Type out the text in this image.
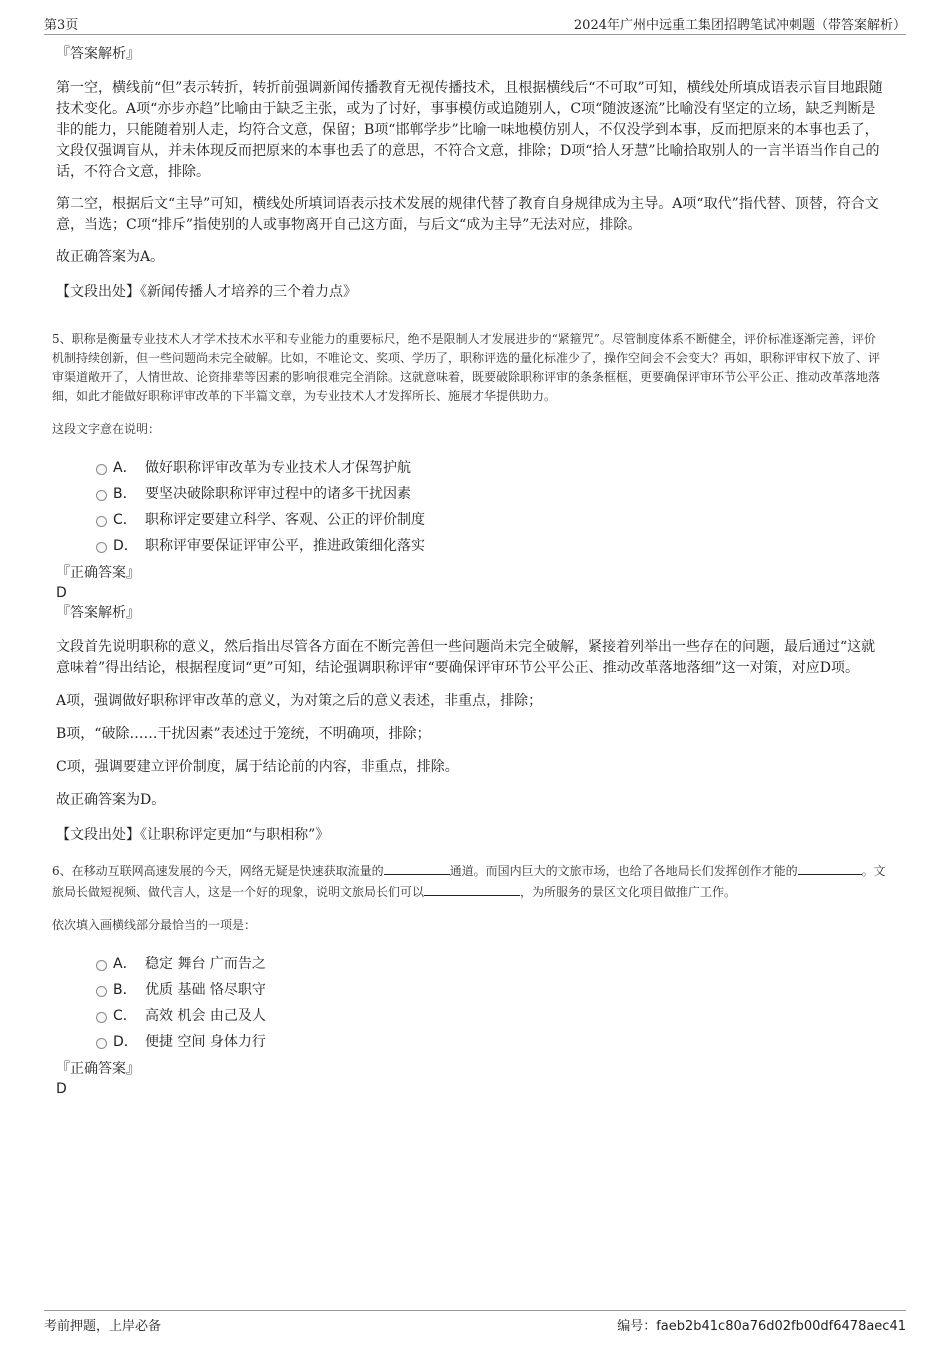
第3页	2024年广州中远重工集团招聘笔试冲刺题（带答案解析）
『答案解析』

第一空，横线前“但”表示转折，转折前强调新闻传播教育无视传播技术，且根据横线后“不可取”可知，横线处所填成语表示盲目地跟随技术变化。A项“亦步亦趋”比喻由于缺乏主张，或为了讨好，事事模仿或追随别人，C项“随波逐流”比喻没有坚定的立场，缺乏判断是非的能力，只能随着别人走，均符合文意，保留；B项“邯郸学步”比喻一味地模仿别人，不仅没学到本事，反而把原来的本事也丢了，文段仅强调盲从，并未体现反而把原来的本事也丢了的意思，不符合文意，排除；D项“拾人牙慧”比喻拾取别人的一言半语当作自己的话，不符合文意，排除。

第二空，根据后文“主导”可知，横线处所填词语表示技术发展的规律代替了教育自身规律成为主导。A项“取代”指代替、顶替，符合文意，当选；C项“排斥”指使别的人或事物离开自己这方面，与后文“成为主导”无法对应，排除。

故正确答案为A。

【文段出处】《新闻传播人才培养的三个着力点》

5、职称是衡量专业技术人才学术技术水平和专业能力的重要标尺，绝不是限制人才发展进步的“紧箍咒”。尽管制度体系不断健全，评价标准逐渐完善，评价机制持续创新，但一些问题尚未完全破解。比如，不唯论文、奖项、学历了，职称评选的量化标准少了，操作空间会不会变大？再如，职称评审权下放了、评审渠道敞开了，人情世故、论资排辈等因素的影响很难完全消除。这就意味着，既要破除职称评审的条条框框，更要确保评审环节公平公正、推动改革落地落细，如此才能做好职称评审改革的下半篇文章，为专业技术人才发挥所长、施展才华提供助力。

这段文字意在说明：

A． 做好职称评审改革为专业技术人才保驾护航
B． 要坚决破除职称评审过程中的诸多干扰因素
C． 职称评定要建立科学、客观、公正的评价制度
D． 职称评审要保证评审公平，推进政策细化落实
『正确答案』
D
『答案解析』

文段首先说明职称的意义，然后指出尽管各方面在不断完善但一些问题尚未完全破解，紧接着列举出一些存在的问题，最后通过“这就意味着”得出结论，根据程度词“更”可知，结论强调职称评审“要确保评审环节公平公正、推动改革落地落细”这一对策，对应D项。

A项，强调做好职称评审改革的意义，为对策之后的意义表述，非重点，排除；

B项，“破除……干扰因素”表述过于笼统，不明确项，排除；

C项，强调要建立评价制度，属于结论前的内容，非重点，排除。

故正确答案为D。

【文段出处】《让职称评定更加“与职相称”》

6、在移动互联网高速发展的今天，网络无疑是快速获取流量的	通道。而国内巨大的文旅市场，也给了各地局长们发挥创作才能的	。文旅局长做短视频、做代言人，这是一个好的现象，说明文旅局长们可以	，为所服务的景区文化项目做推广工作。

依次填入画横线部分最恰当的一项是：

A． 稳定 舞台 广而告之
B． 优质 基础 恪尽职守
C． 高效 机会 由己及人
D． 便捷 空间 身体力行
『正确答案』
D
考前押题，上岸必备	编号：faeb2b41c80a76d02fb00df6478aec41
